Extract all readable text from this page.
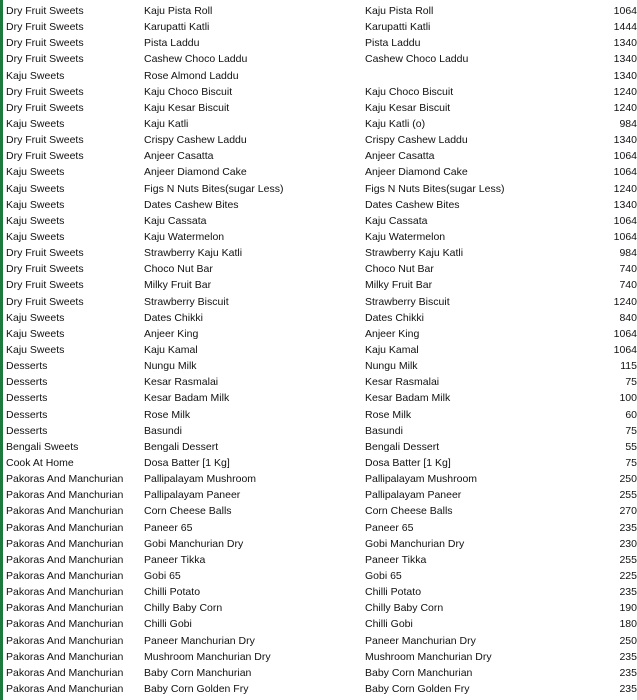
Dry Fruit Sweets	Kaju Pista Roll	Kaju Pista Roll	1064
Dry Fruit Sweets	Karupatti Katli	Karupatti Katli	1444
Dry Fruit Sweets	Pista Laddu	Pista Laddu	1340
Dry Fruit Sweets	Cashew Choco Laddu	Cashew Choco Laddu	1340
Kaju Sweets	Rose Almond Laddu		1340
Dry Fruit Sweets	Kaju Choco Biscuit	Kaju Choco Biscuit	1240
Dry Fruit Sweets	Kaju Kesar Biscuit	Kaju Kesar Biscuit	1240
Kaju Sweets	Kaju Katli	Kaju Katli (o)	984
Dry Fruit Sweets	Crispy Cashew Laddu	Crispy Cashew Laddu	1340
Dry Fruit Sweets	Anjeer Casatta	Anjeer Casatta	1064
Kaju Sweets	Anjeer Diamond Cake	Anjeer Diamond Cake	1064
Kaju Sweets	Figs N Nuts Bites(sugar Less)	Figs N Nuts Bites(sugar Less)	1240
Kaju Sweets	Dates Cashew Bites	Dates Cashew Bites	1340
Kaju Sweets	Kaju Cassata	Kaju Cassata	1064
Kaju Sweets	Kaju Watermelon	Kaju Watermelon	1064
Dry Fruit Sweets	Strawberry Kaju Katli	Strawberry Kaju Katli	984
Dry Fruit Sweets	Choco Nut Bar	Choco Nut Bar	740
Dry Fruit Sweets	Milky Fruit Bar	Milky Fruit Bar	740
Dry Fruit Sweets	Strawberry Biscuit	Strawberry Biscuit	1240
Kaju Sweets	Dates Chikki	Dates Chikki	840
Kaju Sweets	Anjeer King	Anjeer King	1064
Kaju Sweets	Kaju Kamal	Kaju Kamal	1064
Desserts	Nungu Milk	Nungu Milk	115
Desserts	Kesar Rasmalai	Kesar Rasmalai	75
Desserts	Kesar Badam Milk	Kesar Badam Milk	100
Desserts	Rose Milk	Rose Milk	60
Desserts	Basundi	Basundi	75
Bengali Sweets	Bengali Dessert	Bengali Dessert	55
Cook At Home	Dosa Batter [1 Kg]	Dosa Batter [1 Kg]	75
Pakoras And Manchurian	Pallipalayam Mushroom	Pallipalayam Mushroom	250
Pakoras And Manchurian	Pallipalayam Paneer	Pallipalayam Paneer	255
Pakoras And Manchurian	Corn Cheese Balls	Corn Cheese Balls	270
Pakoras And Manchurian	Paneer 65	Paneer 65	235
Pakoras And Manchurian	Gobi Manchurian Dry	Gobi Manchurian Dry	230
Pakoras And Manchurian	Paneer Tikka	Paneer Tikka	255
Pakoras And Manchurian	Gobi 65	Gobi 65	225
Pakoras And Manchurian	Chilli Potato	Chilli Potato	235
Pakoras And Manchurian	Chilly Baby Corn	Chilly Baby Corn	190
Pakoras And Manchurian	Chilli Gobi	Chilli Gobi	180
Pakoras And Manchurian	Paneer Manchurian Dry	Paneer Manchurian Dry	250
Pakoras And Manchurian	Mushroom Manchurian Dry	Mushroom Manchurian Dry	235
Pakoras And Manchurian	Baby Corn Manchurian	Baby Corn Manchurian	235
Pakoras And Manchurian	Baby Corn Golden Fry	Baby Corn Golden Fry	235
